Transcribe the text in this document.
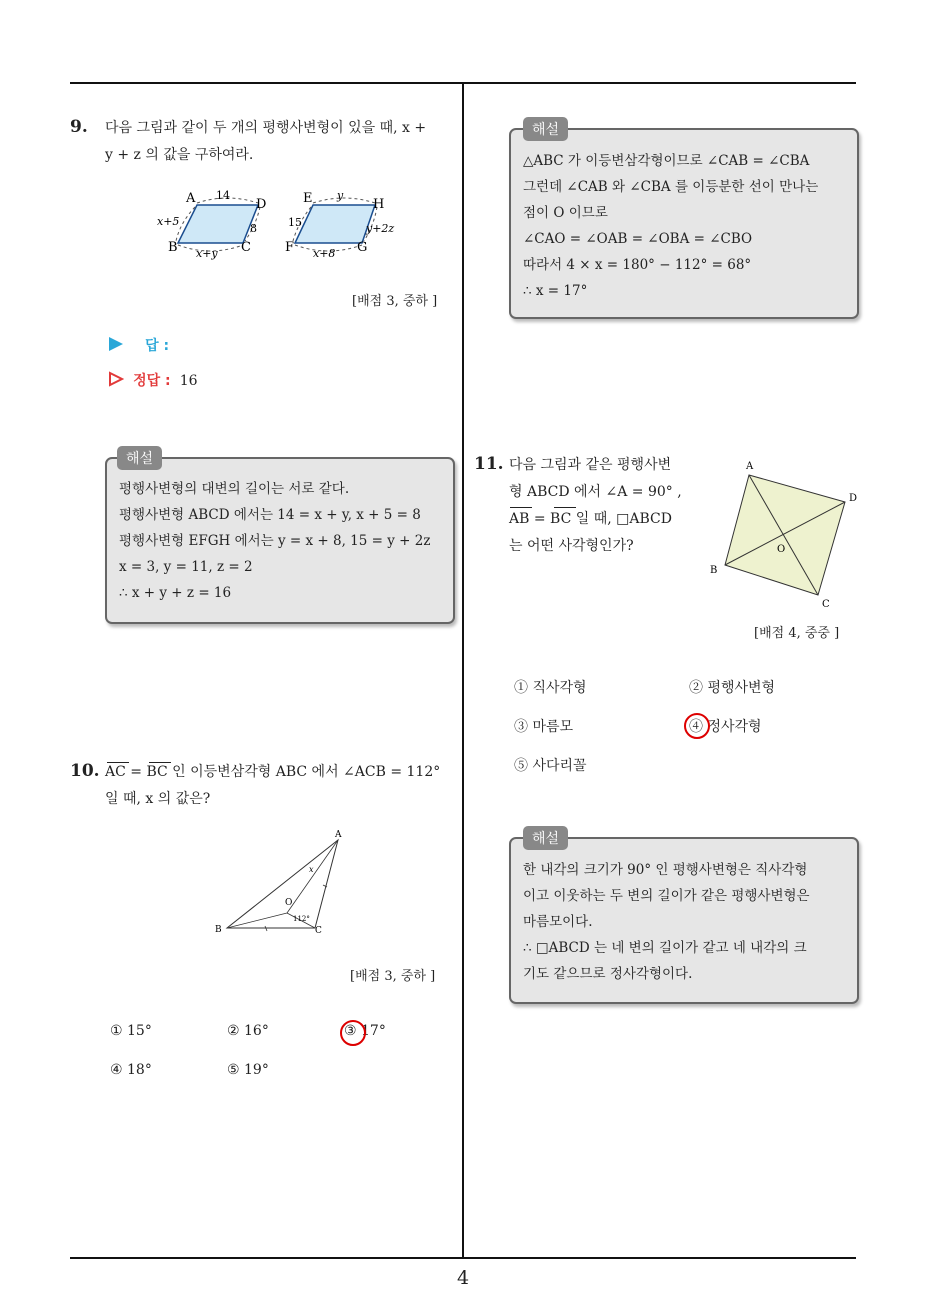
4
9. 다음 그림과 같이 두 개의 평행사변형이 있을 때, x +
y + z 의 값을 구하여라.
A	D
B	C
14
x+5
8
x+y
E	H
F	G
y
15	y+2z
x+8
[배점 3, 중하 ]
답 :
정답 : 16
해설
평행사변형의 대변의 길이는 서로 같다.
평행사변형 ABCD 에서는 14 = x + y, x + 5 = 8
평행사변형 EFGH 에서는 y = x + 8, 15 = y + 2z
x = 3, y = 11, z = 2
∴ x + y + z = 16
10. AC = BC 인 이등변삼각형 ABC 에서 ∠ACB = 112°
일 때, x 의 값은?
A
B	C
O
x
112°
[배점 3, 중하 ]
① 15°	② 16°	③ 17°
④ 18°	⑤ 19°
해설
△ABC 가 이등변삼각형이므로 ∠CAB = ∠CBA
그런데 ∠CAB 와 ∠CBA 를 이등분한 선이 만나는
점이 O 이므로
∠CAO = ∠OAB = ∠OBA = ∠CBO
따라서 4 × x = 180° − 112° = 68°
∴ x = 17°
11. 다음 그림과 같은 평행사변
형 ABCD 에서 ∠A = 90° ,
AB = BC 일 때, □ABCD
는 어떤 사각형인가?
A
D
B
C
O
[배점 4, 중중 ]
① 직사각형	② 평행사변형
③ 마름모	④ 정사각형
⑤ 사다리꼴
해설
한 내각의 크기가 90° 인 평행사변형은 직사각형
이고 이웃하는 두 변의 길이가 같은 평행사변형은
마름모이다.
∴ □ABCD 는 네 변의 길이가 같고 네 내각의 크
기도 같으므로 정사각형이다.
